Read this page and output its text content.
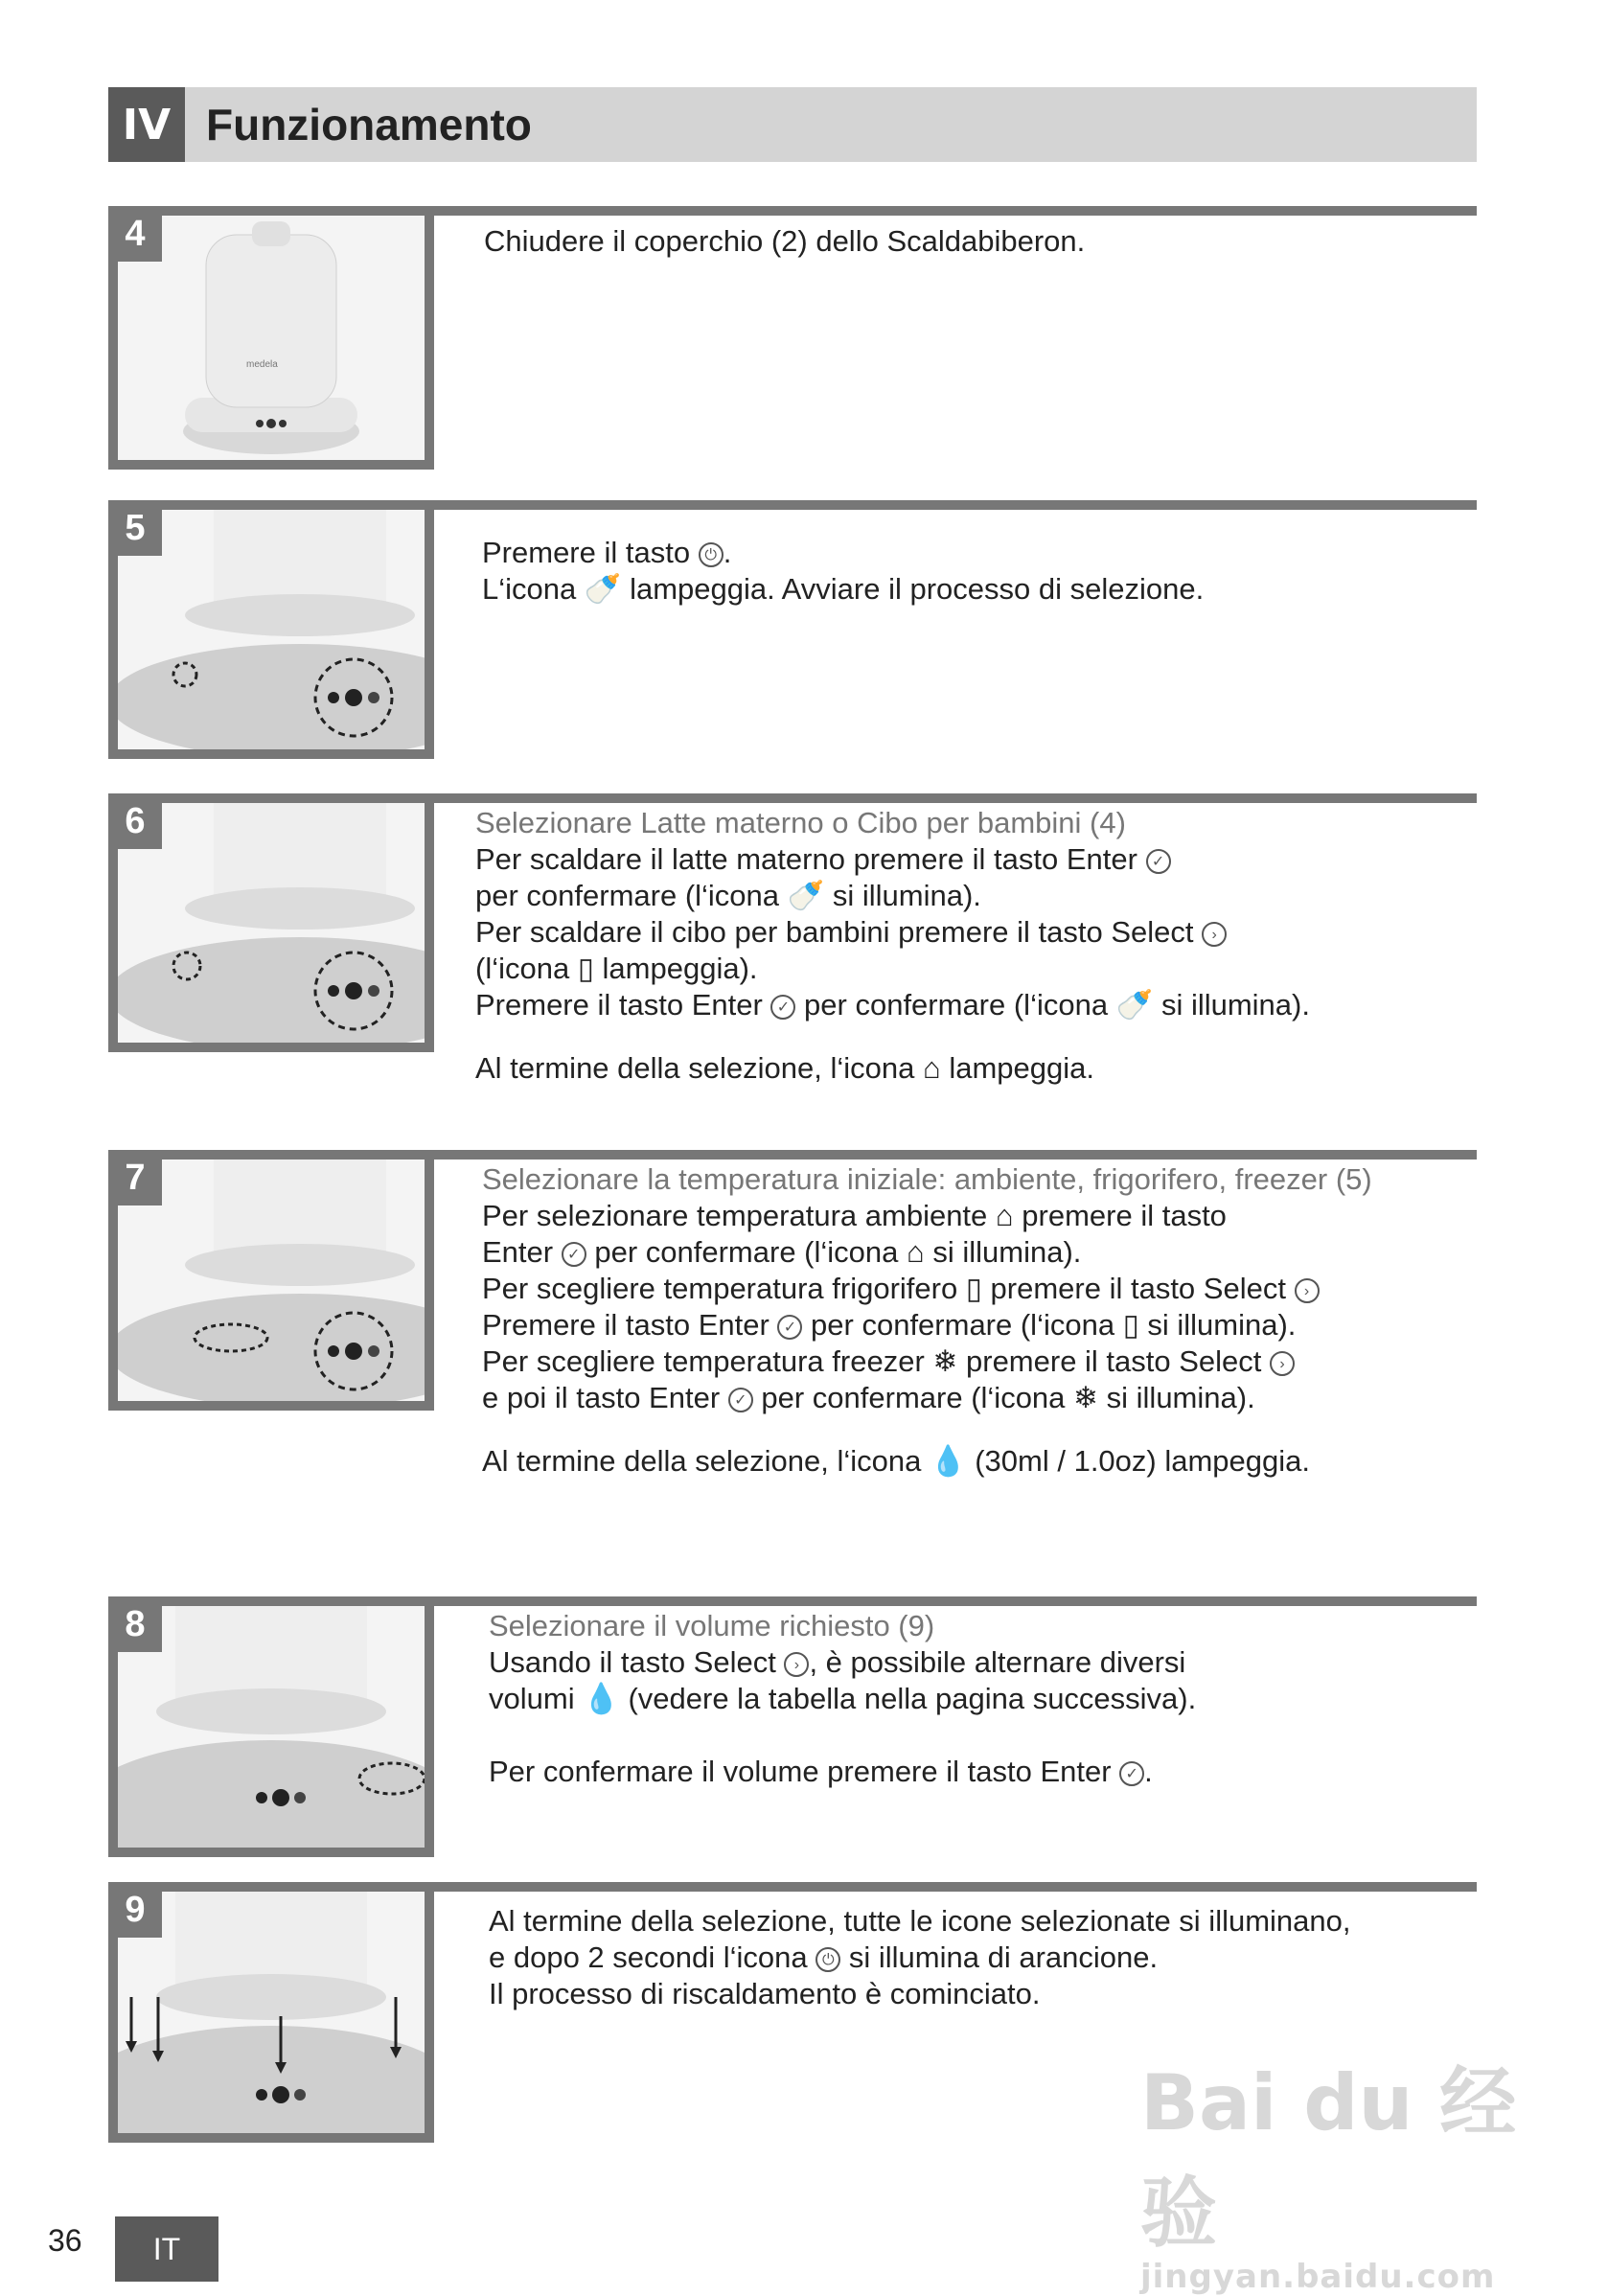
IV Funzionamento
medela
4	Chiudere il coperchio (2) dello Scaldabiberon.
5
Premere il tasto ⏻ .
L‘icona 🍼 lampeggia. Avviare il processo di selezione.
6	Selezionare Latte materno o Cibo per bambini (4)
Per scaldare il latte materno premere il tasto Enter ✓
per confermare (l‘icona 🍼 si illumina).
Per scaldare il cibo per bambini premere il tasto Select ›
(l‘icona ▯ lampeggia).
Premere il tasto Enter ✓ per confermare (l‘icona 🍼 si illumina).
Al termine della selezione, l‘icona ⌂ lampeggia.
7	Selezionare la temperatura iniziale: ambiente, frigorifero, freezer (5)
Per selezionare temperatura ambiente ⌂ premere il tasto
Enter ✓ per confermare (l‘icona ⌂ si illumina).
Per scegliere temperatura frigorifero ▯ premere il tasto Select ›
Premere il tasto Enter ✓ per confermare (l‘icona ▯ si illumina).
Per scegliere temperatura freezer ❄ premere il tasto Select ›
e poi il tasto Enter ✓ per confermare (l‘icona ❄ si illumina).
Al termine della selezione, l‘icona 💧 (30ml / 1.0oz) lampeggia.
8	Selezionare il volume richiesto (9)
Usando il tasto Select › , è possibile alternare diversi
volumi 💧 (vedere la tabella nella pagina successiva).
Per confermare il volume premere il tasto Enter ✓ .
9	Al termine della selezione, tutte le icone selezionate si illuminano,
e dopo 2 secondi l‘icona ⏻ si illumina di arancione.
Il processo di riscaldamento è cominciato.
Bai du 经验
jingyan.baidu.com
36	IT
